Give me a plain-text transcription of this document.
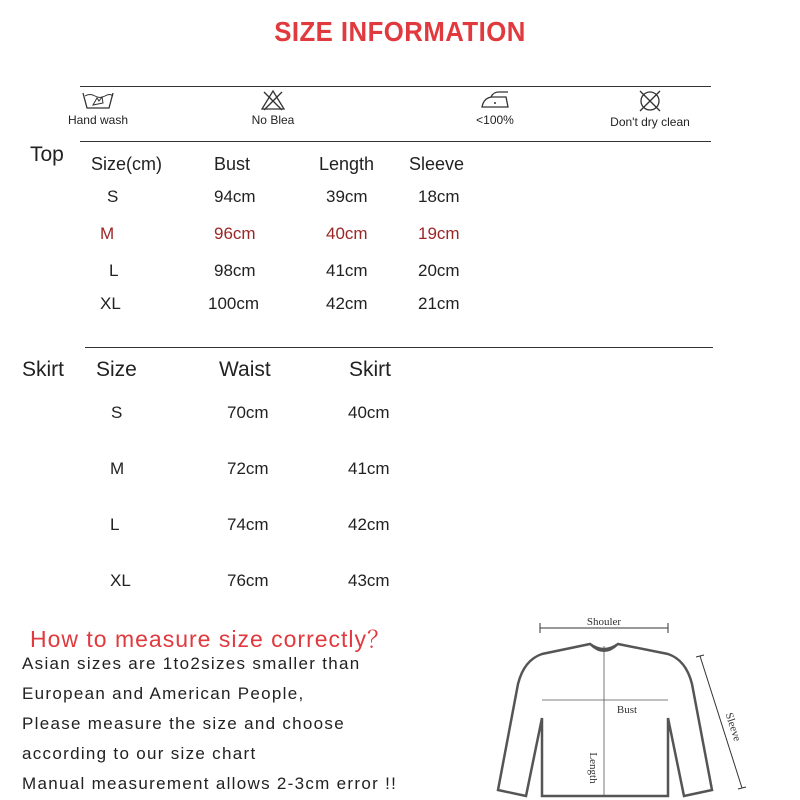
SIZE INFORMATION
Hand wash	No Blea	<100%	Don't dry clean
Top Size(cm)	Bust	Length Sleeve
S	94cm	39cm	18cm
M	96cm	40cm	19cm
L	98cm	41cm	20cm
XL	100cm	42cm	21cm
Skirt Size	Waist	Skirt
S	70cm	40cm
M	72cm	41cm
L	74cm	42cm
XL	76cm	43cm
How to measure size correctly？
Asian sizes are 1to2sizes smaller than
European and American People,
Please measure the size and choose
according to our size chart
Manual measurement allows 2-3cm error !!
Shouler
Bust
Length
Sleeve
